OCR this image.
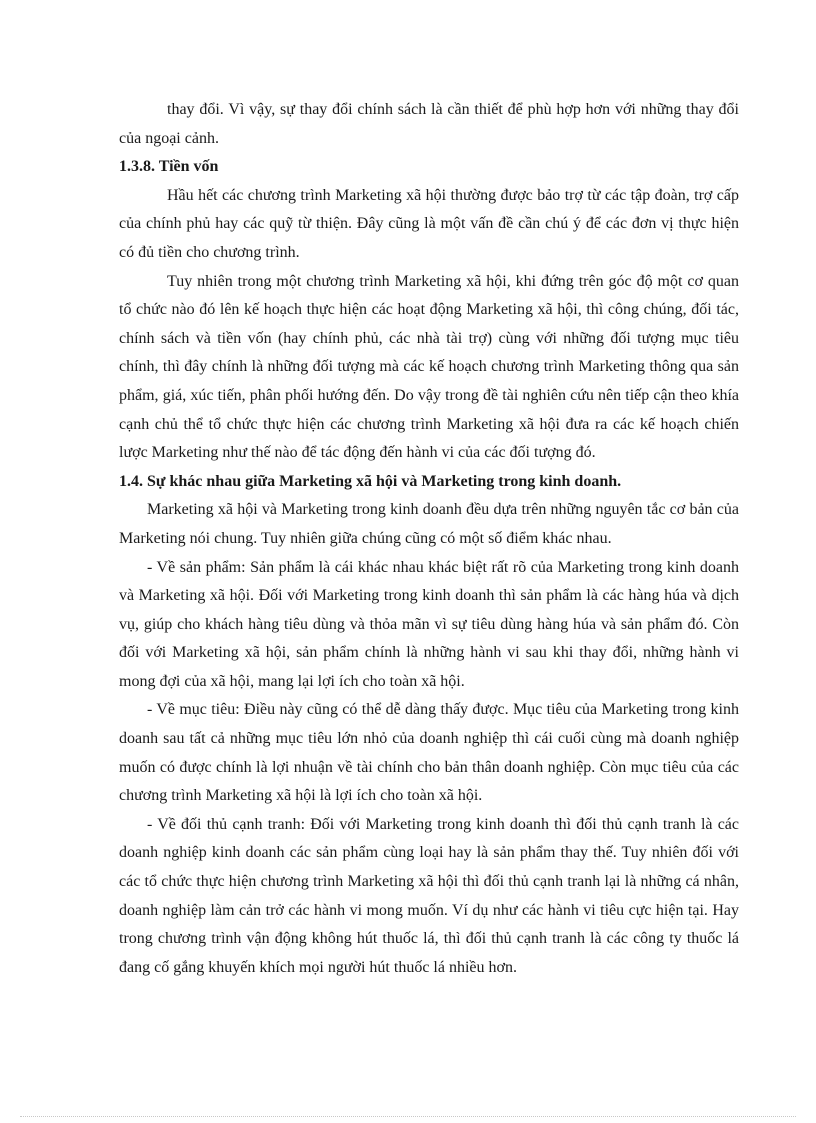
thay đổi. Vì vậy, sự thay đổi chính sách là cần thiết để phù hợp hơn với những thay đổi của ngoại cảnh.

1.3.8. Tiền vốn

Hầu hết các chương trình Marketing xã hội thường được bảo trợ từ các tập đoàn, trợ cấp của chính phủ hay các quỹ từ thiện. Đây cũng là một vấn đề cần chú ý để các đơn vị thực hiện có đủ tiền cho chương trình.

Tuy nhiên trong một chương trình Marketing xã hội, khi đứng trên góc độ một cơ quan tổ chức nào đó lên kế hoạch thực hiện các hoạt động Marketing xã hội, thì công chúng, đối tác, chính sách và tiền vốn (hay chính phủ, các nhà tài trợ) cùng với những đối tượng mục tiêu chính, thì đây chính là những đối tượng mà các kế hoạch chương trình Marketing thông qua sản phẩm, giá, xúc tiến, phân phối hướng đến. Do vậy trong đề tài nghiên cứu nên tiếp cận theo khía cạnh chủ thể tổ chức thực hiện các chương trình Marketing xã hội đưa ra các kế hoạch chiến lược Marketing như thế nào để tác động đến hành vi của các đối tượng đó.

1.4. Sự khác nhau giữa Marketing xã hội và Marketing trong kinh doanh.

Marketing xã hội và Marketing trong kinh doanh đều dựa trên những nguyên tắc cơ bản của Marketing nói chung. Tuy nhiên giữa chúng cũng có một số điểm khác nhau.

- Về sản phẩm: Sản phẩm là cái khác nhau khác biệt rất rõ của Marketing trong kinh doanh và Marketing xã hội. Đối với Marketing trong kinh doanh thì sản phẩm là các hàng húa và dịch vụ, giúp cho khách hàng tiêu dùng và thỏa mãn vì sự tiêu dùng hàng húa và sản phẩm đó. Còn đối với Marketing xã hội, sản phẩm chính là những hành vi sau khi thay đổi, những hành vi mong đợi của xã hội, mang lại lợi ích cho toàn xã hội.

- Về mục tiêu: Điều này cũng có thể dễ dàng thấy được. Mục tiêu của Marketing trong kinh doanh sau tất cả những mục tiêu lớn nhỏ của doanh nghiệp thì cái cuối cùng mà doanh nghiệp muốn có được chính là lợi nhuận về tài chính cho bản thân doanh nghiệp. Còn mục tiêu của các chương trình Marketing xã hội là lợi ích cho toàn xã hội.

- Về đối thủ cạnh tranh: Đối với Marketing trong kinh doanh thì đối thủ cạnh tranh là các doanh nghiệp kinh doanh các sản phẩm cùng loại hay là sản phẩm thay thế. Tuy nhiên đối với các tổ chức thực hiện chương trình Marketing xã hội thì đối thủ cạnh tranh lại là những cá nhân, doanh nghiệp làm cản trở các hành vi mong muốn. Ví dụ như các hành vi tiêu cực hiện tại. Hay trong chương trình vận động không hút thuốc lá, thì đối thủ cạnh tranh là các công ty thuốc lá đang cố gắng khuyến khích mọi người hút thuốc lá nhiều hơn.
